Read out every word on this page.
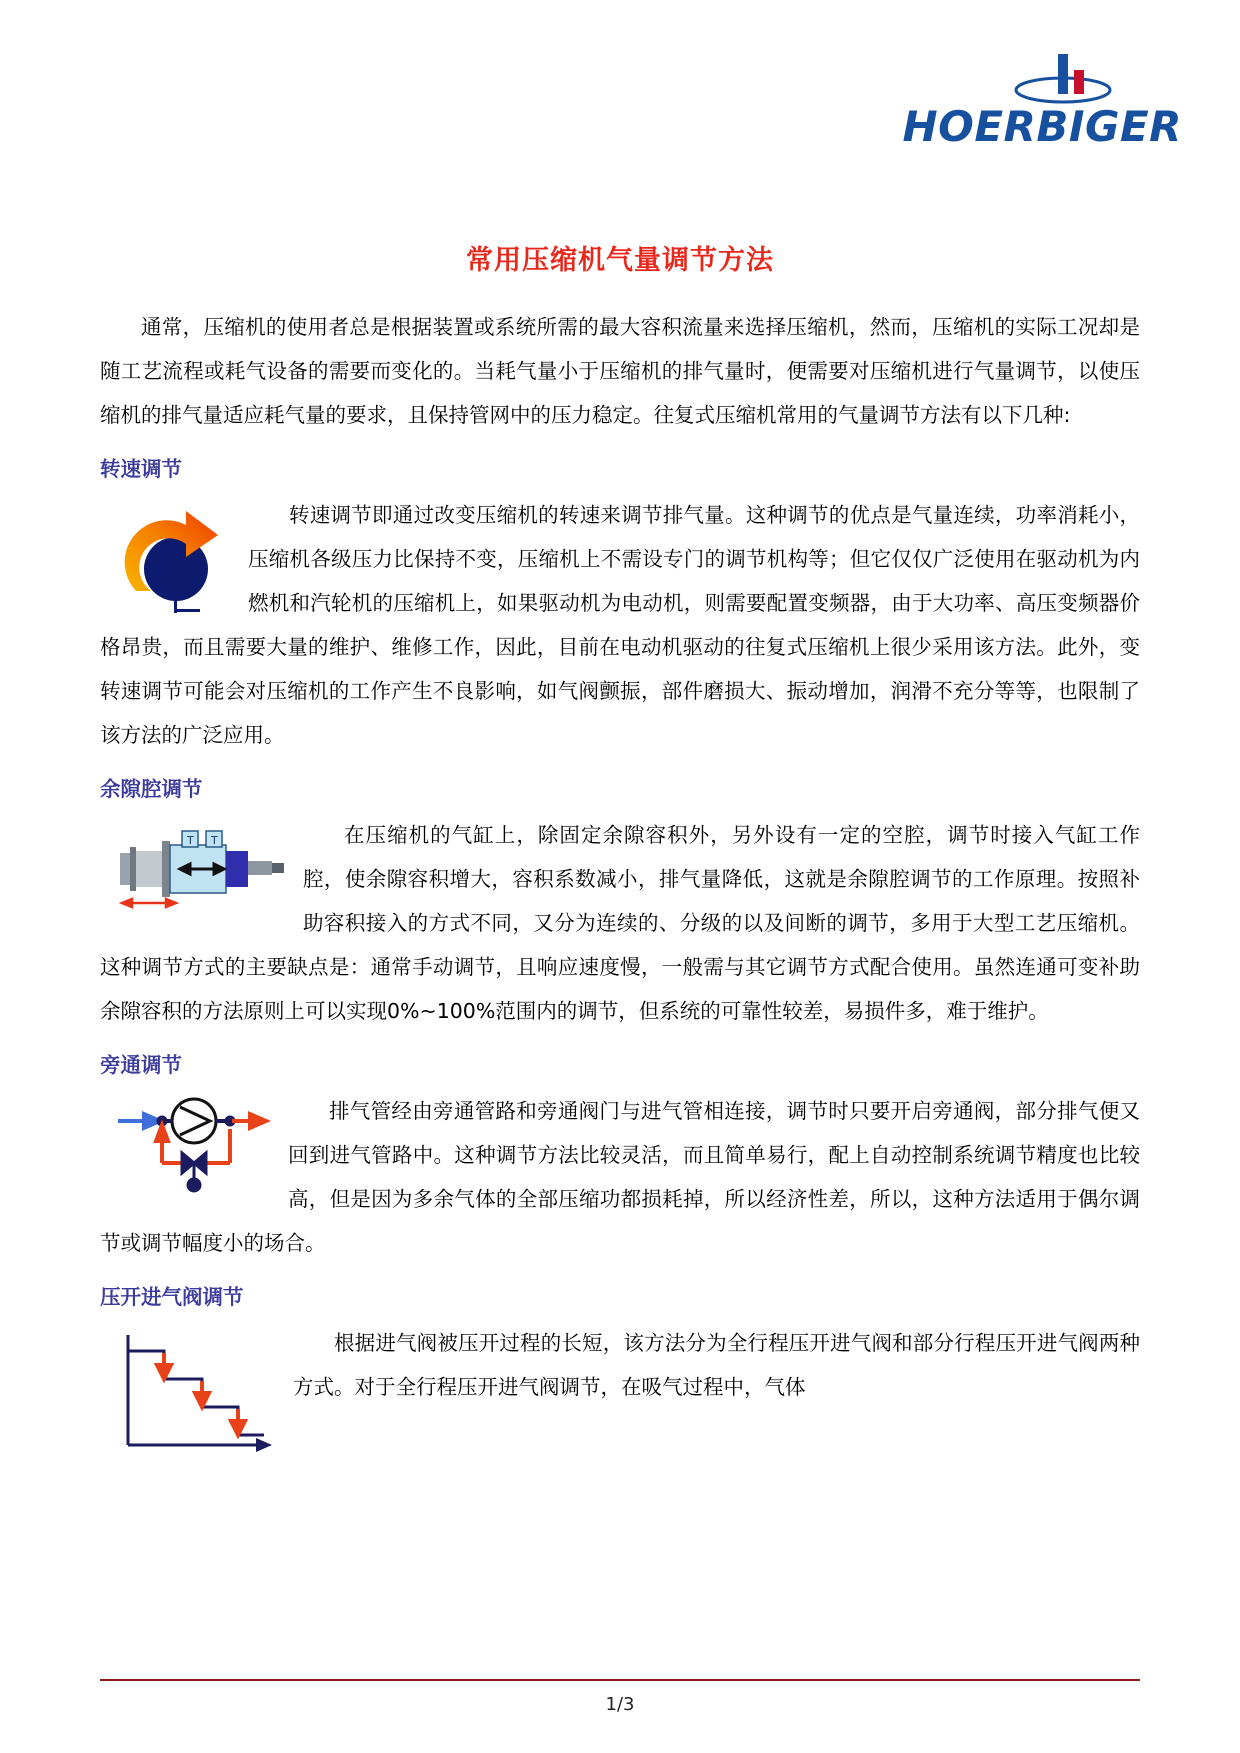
HOERBIGER
常用压缩机气量调节方法

通常，压缩机的使用者总是根据装置或系统所需的最大容积流量来选择压缩机，然而，压缩机的实际工况却是随工艺流程或耗气设备的需要而变化的。当耗气量小于压缩机的排气量时，便需要对压缩机进行气量调节，以使压缩机的排气量适应耗气量的要求，且保持管网中的压力稳定。往复式压缩机常用的气量调节方法有以下几种:

转速调节

转速调节即通过改变压缩机的转速来调节排气量。这种调节的优点是气量连续，功率消耗小，压缩机各级压力比保持不变，压缩机上不需设专门的调节机构等；但它仅仅广泛使用在驱动机为内燃机和汽轮机的压缩机上，如果驱动机为电动机，则需要配置变频器，由于大功率、高压变频器价格昂贵，而且需要大量的维护、维修工作，因此，目前在电动机驱动的往复式压缩机上很少采用该方法。此外，变转速调节可能会对压缩机的工作产生不良影响，如气阀颤振，部件磨损大、振动增加，润滑不充分等等，也限制了该方法的广泛应用。

余隙腔调节
T T	在压缩机的气缸上，除固定余隙容积外，另外设有一定的空腔，调节时接入气缸工作腔，使余隙容积增大，容积系数减小，排气量降低，这就是余隙腔调节的工作原理。按照补助容积接入的方式不同，又分为连续的、分级的以及间断的调节，多用于大型工艺压缩机。这种调节方式的主要缺点是：通常手动调节，且响应速度慢，一般需与其它调节方式配合使用。虽然连通可变补助余隙容积的方法原则上可以实现0%~100%范围内的调节，但系统的可靠性较差，易损件多，难于维护。

旁通调节

排气管经由旁通管路和旁通阀门与进气管相连接，调节时只要开启旁通阀，部分排气便又回到进气管路中。这种调节方法比较灵活，而且简单易行，配上自动控制系统调节精度也比较高，但是因为多余气体的全部压缩功都损耗掉，所以经济性差，所以，这种方法适用于偶尔调节或调节幅度小的场合。

压开进气阀调节

根据进气阀被压开过程的长短，该方法分为全行程压开进气阀和部分行程压开进气阀两种方式。对于全行程压开进气阀调节，在吸气过程中，气体

1/3
